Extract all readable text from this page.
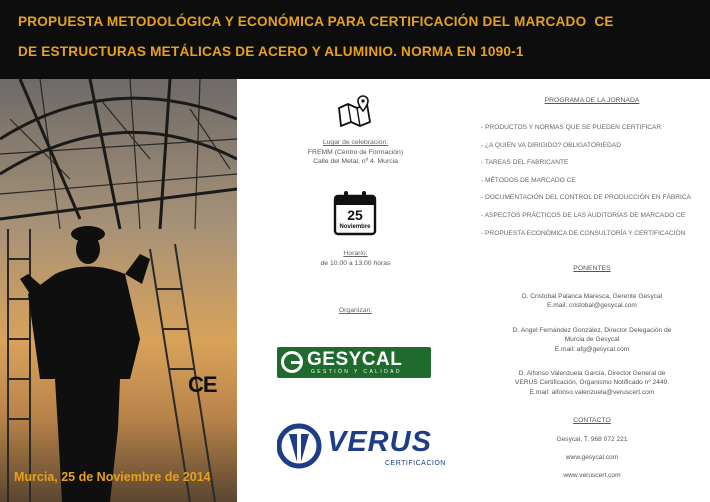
PROPUESTA METODOLÓGICA Y ECONÓMICA PARA CERTIFICACIÓN DEL MARCADO CE
DE ESTRUCTURAS METÁLICAS DE ACERO Y ALUMINIO. NORMA EN 1090-1
CE
Murcia, 25 de Noviembre de 2014
Lugar de celebración:
FREMM (Centro de Formación)
Calle del Metal, nº 4. Murcia
25
Noviembre
Horario:
de 10.00 a 13.00 horas
Organizan:
GESYCAL
GESTIÓN Y CALIDAD
VERUS
CERTIFICACIÓN
PROGRAMA DE LA JORNADA
- PRODUCTOS Y NORMAS QUE SE PUEDEN CERTIFICAR
- ¿A QUIEN VA DIRIGIDO? OBLIGATORIEDAD
- TAREAS DEL FABRICANTE
- MÉTODOS DE MARCADO CE
- DOCUMENTACIÓN DEL CONTROL DE PRODUCCIÓN EN FÁBRICA
- ASPECTOS PRÁCTICOS DE LAS AUDITORÍAS DE MARCADO CE
- PROPUESTA ECONÓMICA DE CONSULTORÍA Y CERTIFICACIÓN
PONENTES
D. Cristobal Palanca Maresca, Gerente Gesycal
E.mail: cristobal@gesycal.com
D. Angel Fernández González, Director Delegación de
Murcia de Gesycal
E.mail: afg@gesycal.com
D. Alfonso Valenzuela García, Director General de
VERUS Certificación, Organismo Notificado nº 2449.
E.mail: alfonso.valenzuela@veruscert.com
CONTACTO
Gesycal, T. 968 072 221
www.gesycal.com
www.veruscert.com
